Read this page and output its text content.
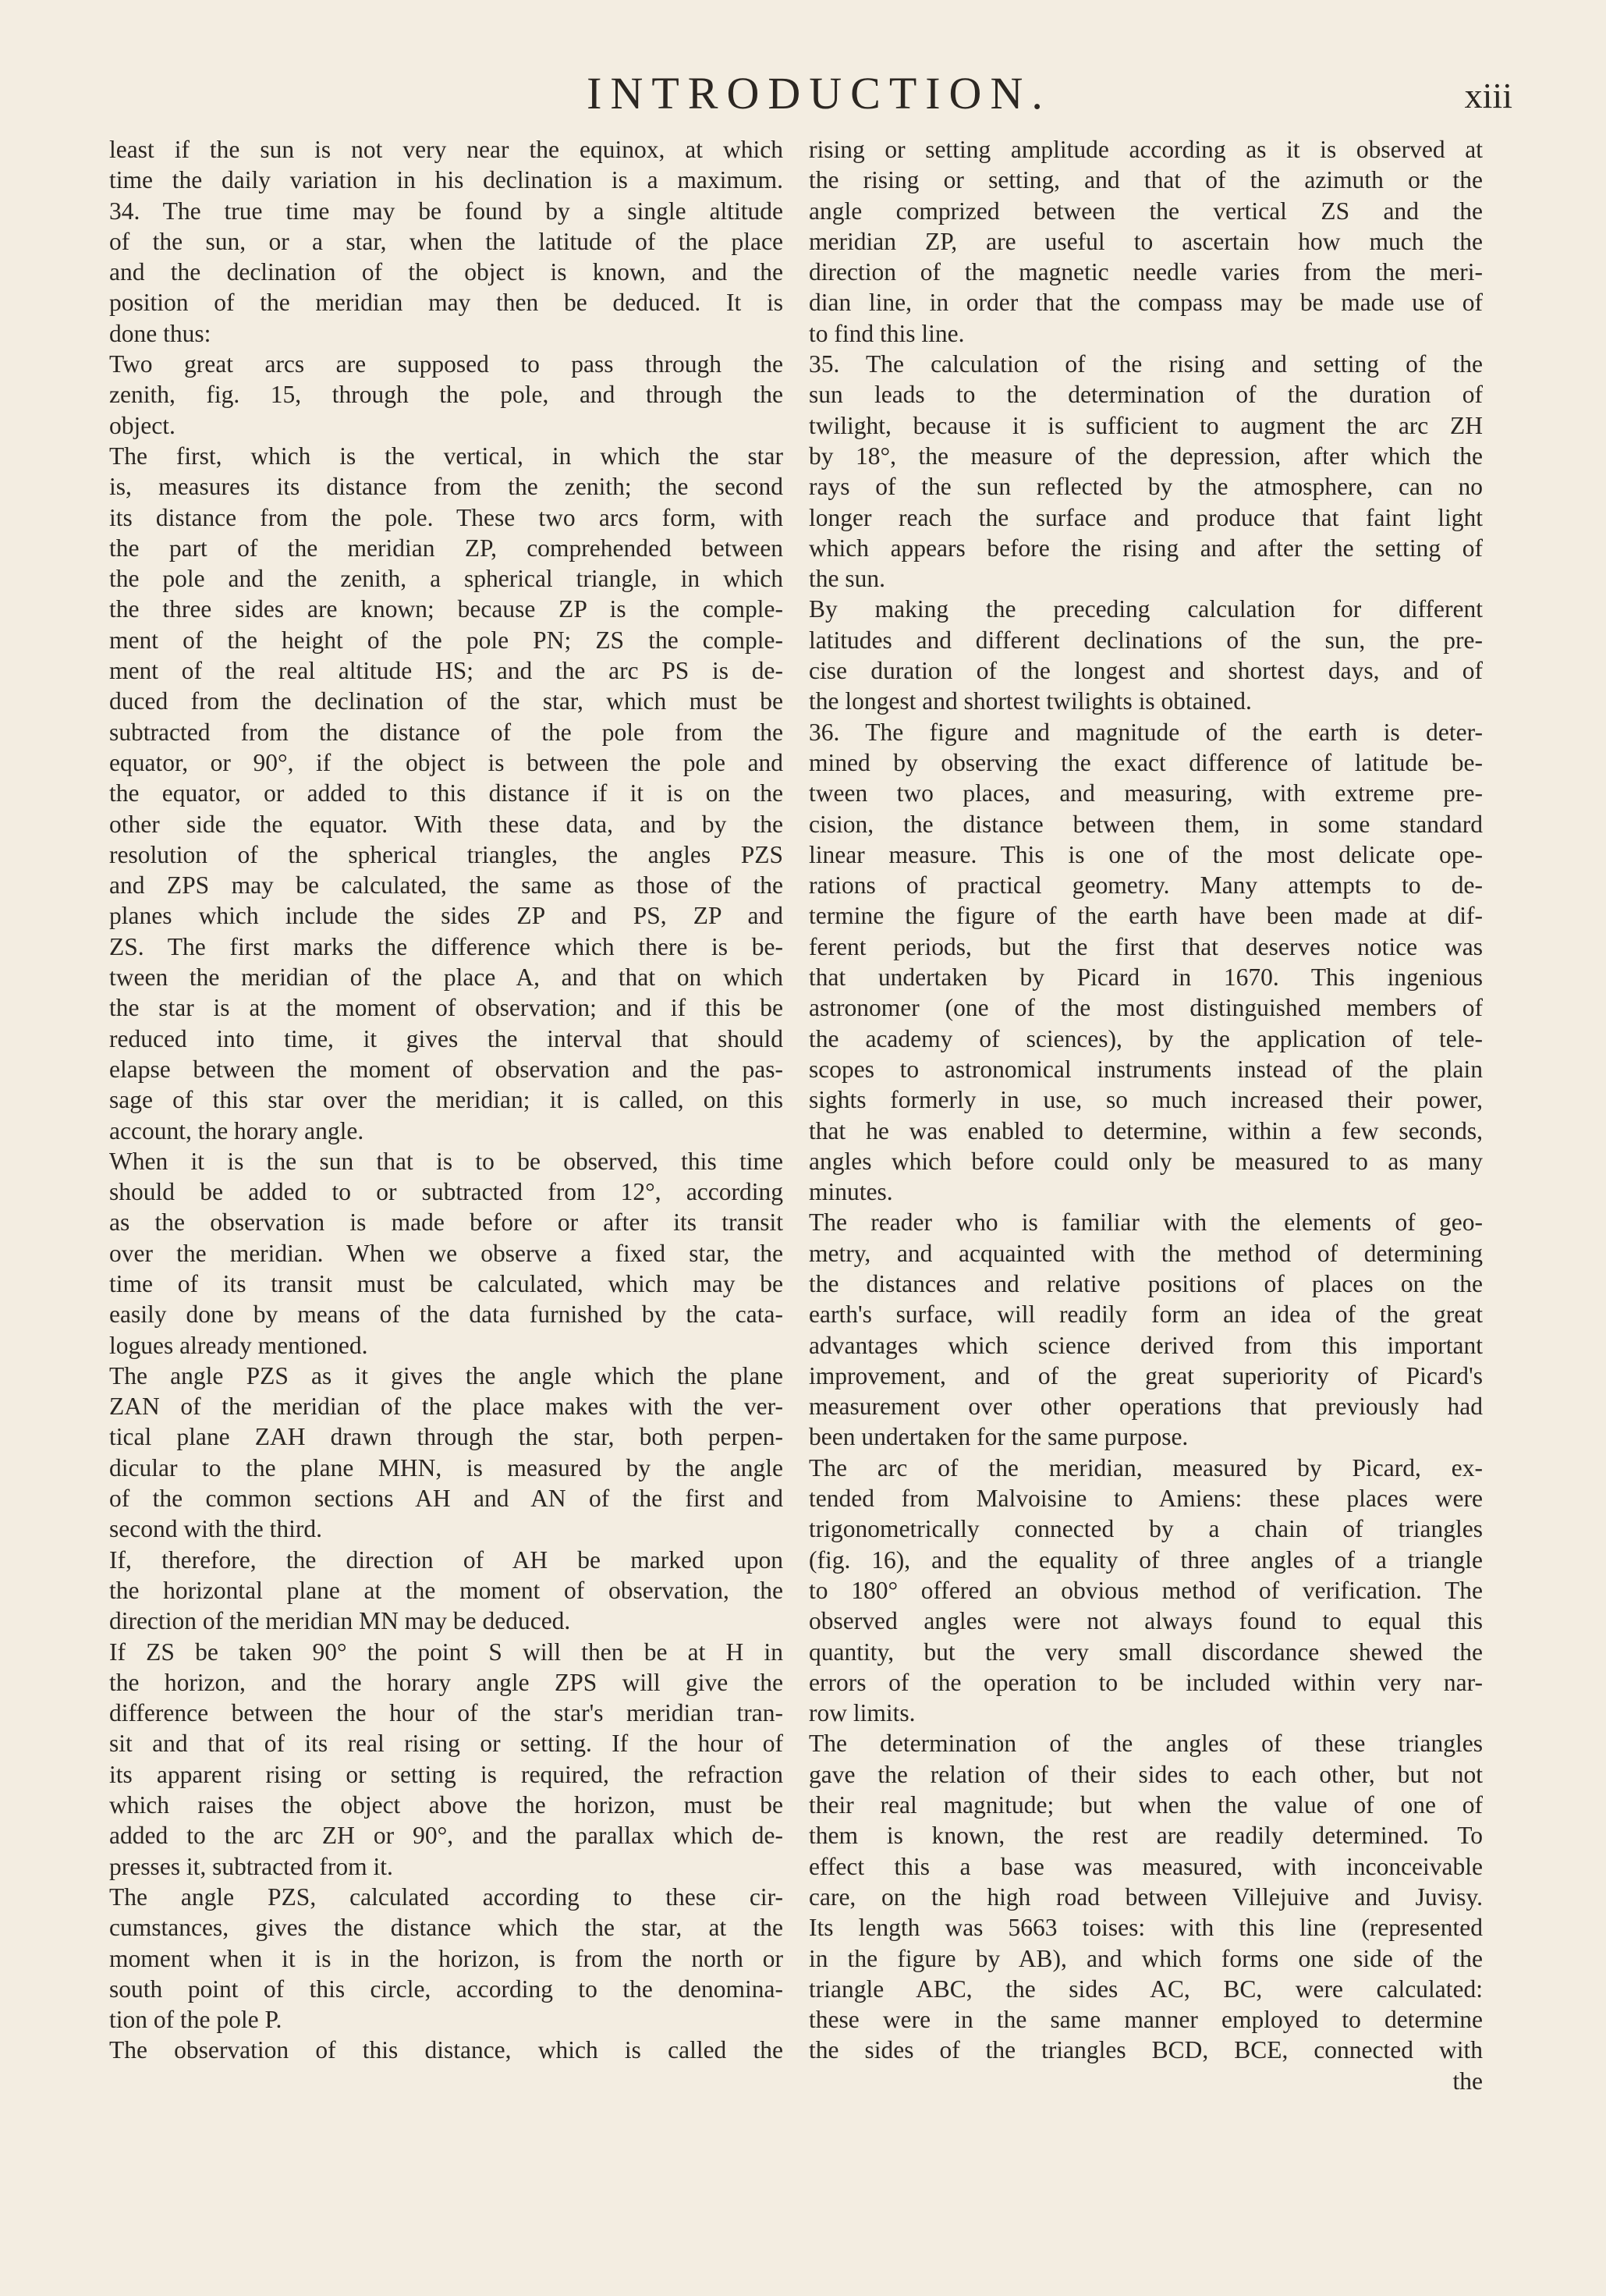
INTRODUCTION.	xiii
least if the sun is not very near the equinox, at which
time the daily variation in his declination is a maximum.
34. The true time may be found by a single altitude
of the sun, or a star, when the latitude of the place
and the declination of the object is known, and the
position of the meridian may then be deduced. It is
done thus:
Two great arcs are supposed to pass through the
zenith, fig. 15, through the pole, and through the
object.
The first, which is the vertical, in which the star
is, measures its distance from the zenith; the second
its distance from the pole. These two arcs form, with
the part of the meridian ZP, comprehended between
the pole and the zenith, a spherical triangle, in which
the three sides are known; because ZP is the comple-
ment of the height of the pole PN; ZS the comple-
ment of the real altitude HS; and the arc PS is de-
duced from the declination of the star, which must be
subtracted from the distance of the pole from the
equator, or 90°, if the object is between the pole and
the equator, or added to this distance if it is on the
other side the equator. With these data, and by the
resolution of the spherical triangles, the angles PZS
and ZPS may be calculated, the same as those of the
planes which include the sides ZP and PS, ZP and
ZS. The first marks the difference which there is be-
tween the meridian of the place A, and that on which
the star is at the moment of observation; and if this be
reduced into time, it gives the interval that should
elapse between the moment of observation and the pas-
sage of this star over the meridian; it is called, on this
account, the horary angle.
When it is the sun that is to be observed, this time
should be added to or subtracted from 12°, according
as the observation is made before or after its transit
over the meridian. When we observe a fixed star, the
time of its transit must be calculated, which may be
easily done by means of the data furnished by the cata-
logues already mentioned.
The angle PZS as it gives the angle which the plane
ZAN of the meridian of the place makes with the ver-
tical plane ZAH drawn through the star, both perpen-
dicular to the plane MHN, is measured by the angle
of the common sections AH and AN of the first and
second with the third.
If, therefore, the direction of AH be marked upon
the horizontal plane at the moment of observation, the
direction of the meridian MN may be deduced.
If ZS be taken 90° the point S will then be at H in
the horizon, and the horary angle ZPS will give the
difference between the hour of the star's meridian tran-
sit and that of its real rising or setting. If the hour of
its apparent rising or setting is required, the refraction
which raises the object above the horizon, must be
added to the arc ZH or 90°, and the parallax which de-
presses it, subtracted from it.
The angle PZS, calculated according to these cir-
cumstances, gives the distance which the star, at the
moment when it is in the horizon, is from the north or
south point of this circle, according to the denomina-
tion of the pole P.
The observation of this distance, which is called the
rising or setting amplitude according as it is observed at
the rising or setting, and that of the azimuth or the
angle comprized between the vertical ZS and the
meridian ZP, are useful to ascertain how much the
direction of the magnetic needle varies from the meri-
dian line, in order that the compass may be made use of
to find this line.
35. The calculation of the rising and setting of the
sun leads to the determination of the duration of
twilight, because it is sufficient to augment the arc ZH
by 18°, the measure of the depression, after which the
rays of the sun reflected by the atmosphere, can no
longer reach the surface and produce that faint light
which appears before the rising and after the setting of
the sun.
By making the preceding calculation for different
latitudes and different declinations of the sun, the pre-
cise duration of the longest and shortest days, and of
the longest and shortest twilights is obtained.
36. The figure and magnitude of the earth is deter-
mined by observing the exact difference of latitude be-
tween two places, and measuring, with extreme pre-
cision, the distance between them, in some standard
linear measure. This is one of the most delicate ope-
rations of practical geometry. Many attempts to de-
termine the figure of the earth have been made at dif-
ferent periods, but the first that deserves notice was
that undertaken by Picard in 1670. This ingenious
astronomer (one of the most distinguished members of
the academy of sciences), by the application of tele-
scopes to astronomical instruments instead of the plain
sights formerly in use, so much increased their power,
that he was enabled to determine, within a few seconds,
angles which before could only be measured to as many
minutes.
The reader who is familiar with the elements of geo-
metry, and acquainted with the method of determining
the distances and relative positions of places on the
earth's surface, will readily form an idea of the great
advantages which science derived from this important
improvement, and of the great superiority of Picard's
measurement over other operations that previously had
been undertaken for the same purpose.
The arc of the meridian, measured by Picard, ex-
tended from Malvoisine to Amiens: these places were
trigonometrically connected by a chain of triangles
(fig. 16), and the equality of three angles of a triangle
to 180° offered an obvious method of verification. The
observed angles were not always found to equal this
quantity, but the very small discordance shewed the
errors of the operation to be included within very nar-
row limits.
The determination of the angles of these triangles
gave the relation of their sides to each other, but not
their real magnitude; but when the value of one of
them is known, the rest are readily determined. To
effect this a base was measured, with inconceivable
care, on the high road between Villejuive and Juvisy.
Its length was 5663 toises: with this line (represented
in the figure by AB), and which forms one side of the
triangle ABC, the sides AC, BC, were calculated:
these were in the same manner employed to determine
the sides of the triangles BCD, BCE, connected with
the
